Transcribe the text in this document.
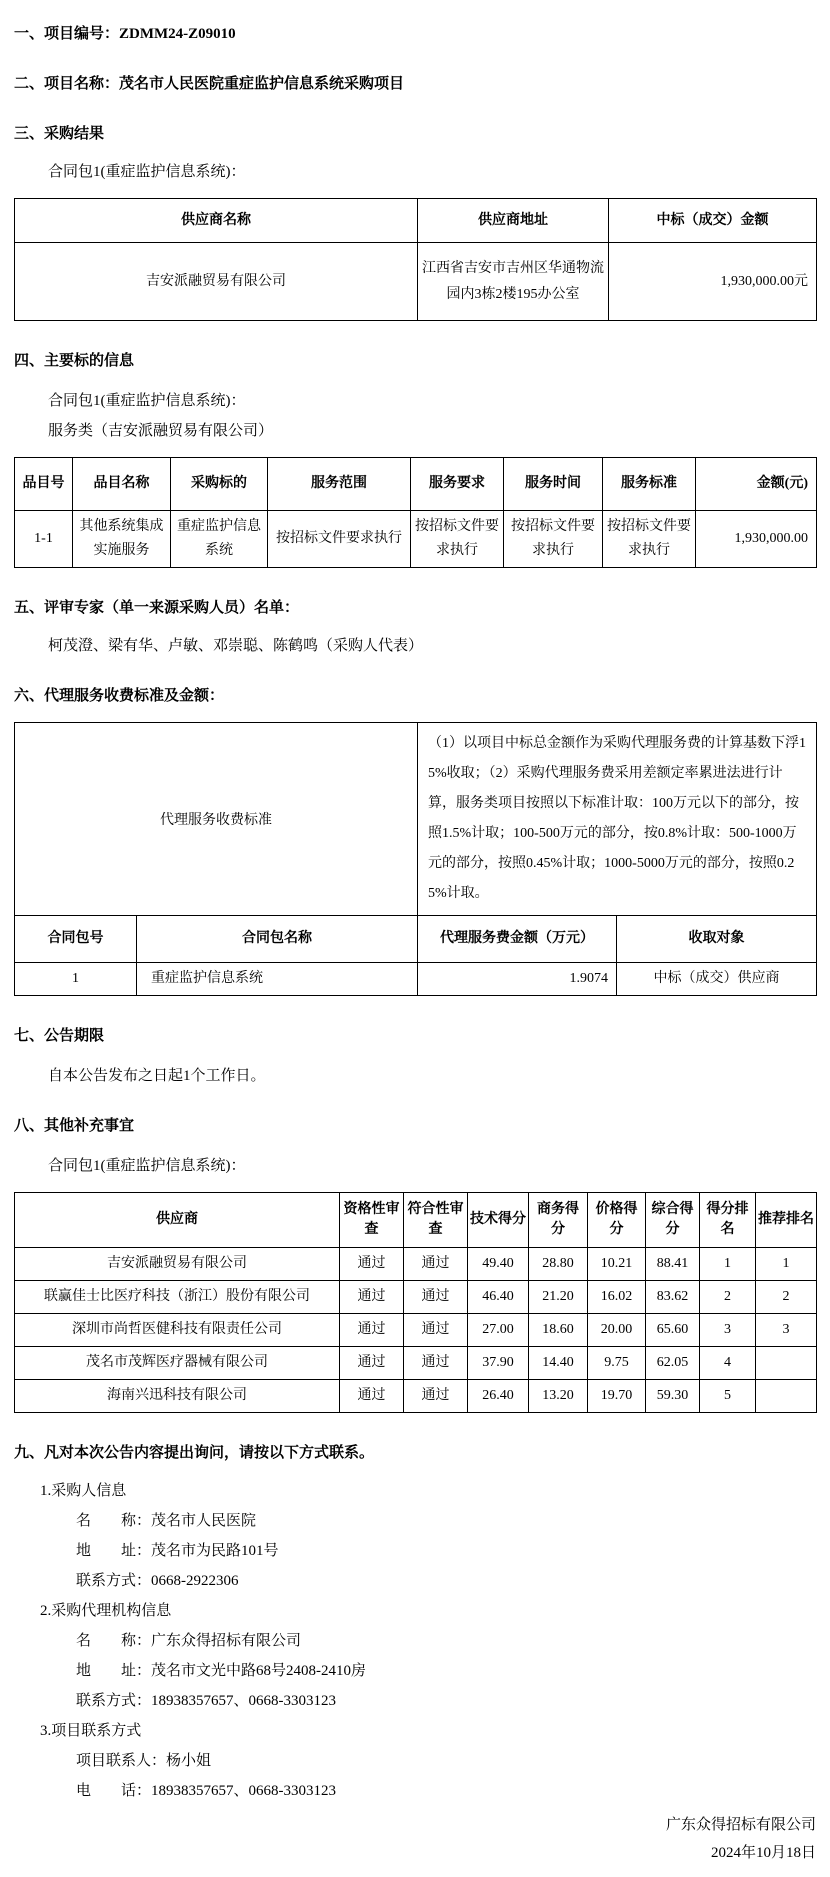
一、项目编号：ZDMM24-Z09010
二、项目名称：茂名市人民医院重症监护信息系统采购项目
三、采购结果
合同包1(重症监护信息系统)：
供应商名称	供应商地址	中标（成交）金额
吉安派融贸易有限公司	江西省吉安市吉州区华通物流园内3栋2楼195办公室	1,930,000.00元
四、主要标的信息
合同包1(重症监护信息系统)：
服务类（吉安派融贸易有限公司）
品目号	品目名称	采购标的	服务范围	服务要求	服务时间	服务标准	金额(元)
1-1	其他系统集成实施服务	重症监护信息系统	按招标文件要求执行	按招标文件要求执行	按招标文件要求执行	按招标文件要求执行	1,930,000.00
五、评审专家（单一来源采购人员）名单：
柯茂澄、梁有华、卢敏、邓崇聪、陈鹤鸣（采购人代表）
六、代理服务收费标准及金额：
代理服务收费标准		（1）以项目中标总金额作为采购代理服务费的计算基数下浮15%收取；（2）采购代理服务费采用差额定率累进法进行计算，服务类项目按照以下标准计取：100万元以下的部分，按照1.5%计取；100-500万元的部分，按0.8%计取：500-1000万元的部分，按照0.45%计取；1000-5000万元的部分，按照0.25%计取。	
合同包号	合同包名称	代理服务费金额（万元）	收取对象
1	重症监护信息系统	1.9074	中标（成交）供应商
七、公告期限
自本公告发布之日起1个工作日。
八、其他补充事宜
合同包1(重症监护信息系统)：
供应商	资格性审查	符合性审查	技术得分	商务得分	价格得分	综合得分	得分排名	推荐排名
吉安派融贸易有限公司	通过	通过	49.40	28.80	10.21	88.41	1	1
联赢佳士比医疗科技（浙江）股份有限公司	通过	通过	46.40	21.20	16.02	83.62	2	2
深圳市尚哲医健科技有限责任公司	通过	通过	27.00	18.60	20.00	65.60	3	3
茂名市茂辉医疗器械有限公司	通过	通过	37.90	14.40	9.75	62.05	4	
海南兴迅科技有限公司	通过	通过	26.40	13.20	19.70	59.30	5	
九、凡对本次公告内容提出询问，请按以下方式联系。
1.采购人信息
名　　称：茂名市人民医院
地　　址：茂名市为民路101号
联系方式：0668-2922306
2.采购代理机构信息
名　　称：广东众得招标有限公司
地　　址：茂名市文光中路68号2408-2410房
联系方式：18938357657、0668-3303123
3.项目联系方式
项目联系人：杨小姐
电　　话：18938357657、0668-3303123
广东众得招标有限公司
2024年10月18日
